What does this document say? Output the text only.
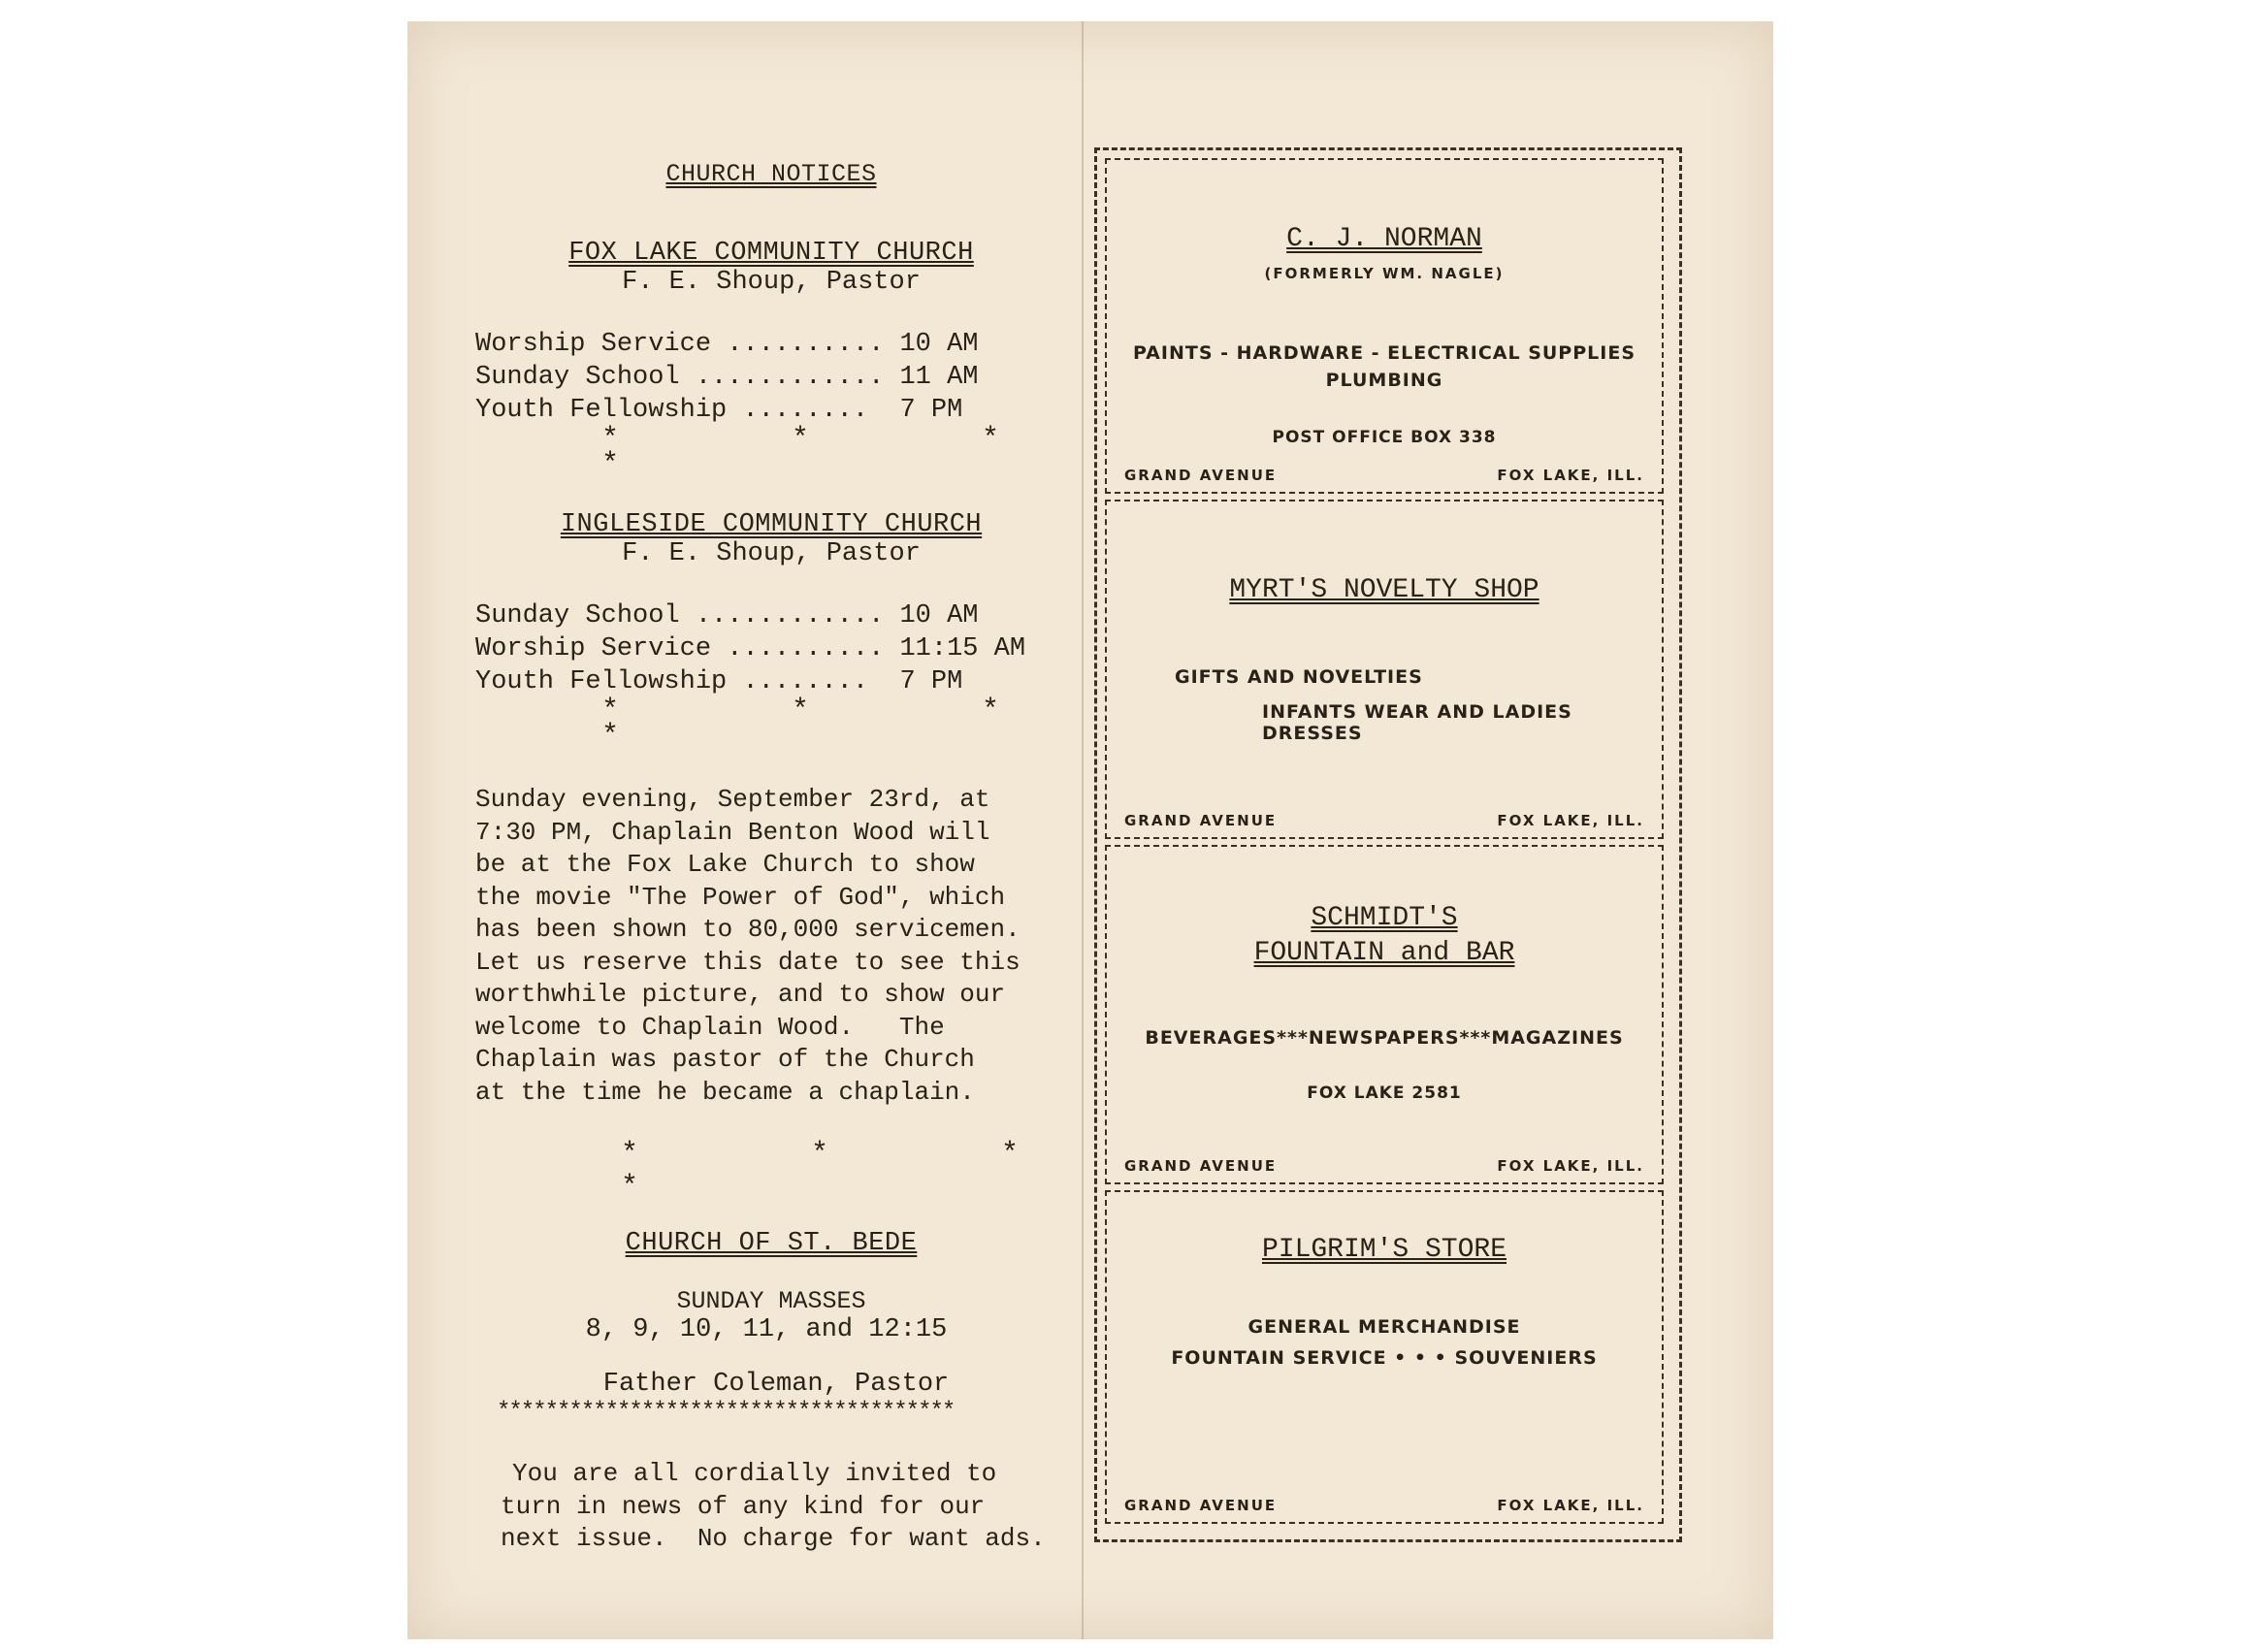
CHURCH NOTICES
FOX LAKE COMMUNITY CHURCH
F. E. Shoup, Pastor
Worship Service .......... 10 AM
Sunday School ............ 11 AM
Youth Fellowship ........  7 PM
* * * *
INGLESIDE COMMUNITY CHURCH
F. E. Shoup, Pastor
Sunday School ............ 10 AM
Worship Service .......... 11:15 AM
Youth Fellowship ........  7 PM
* * * *
Sunday evening, September 23rd, at
7:30 PM, Chaplain Benton Wood will
be at the Fox Lake Church to show
the movie "The Power of God", which
has been shown to 80,000 servicemen.
Let us reserve this date to see this
worthwhile picture, and to show our
welcome to Chaplain Wood.   The
Chaplain was pastor of the Church
at the time he became a chaplain.
* * * *
CHURCH OF ST. BEDE
SUNDAY MASSES
8, 9, 10, 11, and 12:15
Father Coleman, Pastor
**************************************
You are all cordially invited to
turn in news of any kind for our
next issue.  No charge for want ads.
C. J. NORMAN
(FORMERLY WM. NAGLE)
PAINTS - HARDWARE - ELECTRICAL SUPPLIES
PLUMBING
POST OFFICE BOX 338
GRAND AVENUE	FOX LAKE, ILL.
MYRT'S NOVELTY SHOP
GIFTS AND NOVELTIES
INFANTS WEAR AND LADIES DRESSES
GRAND AVENUE	FOX LAKE, ILL.
SCHMIDT'S
FOUNTAIN and BAR
BEVERAGES***NEWSPAPERS***MAGAZINES
FOX LAKE 2581
GRAND AVENUE	FOX LAKE, ILL.
PILGRIM'S STORE
GENERAL MERCHANDISE
FOUNTAIN SERVICE • • • SOUVENIERS
GRAND AVENUE	FOX LAKE, ILL.
